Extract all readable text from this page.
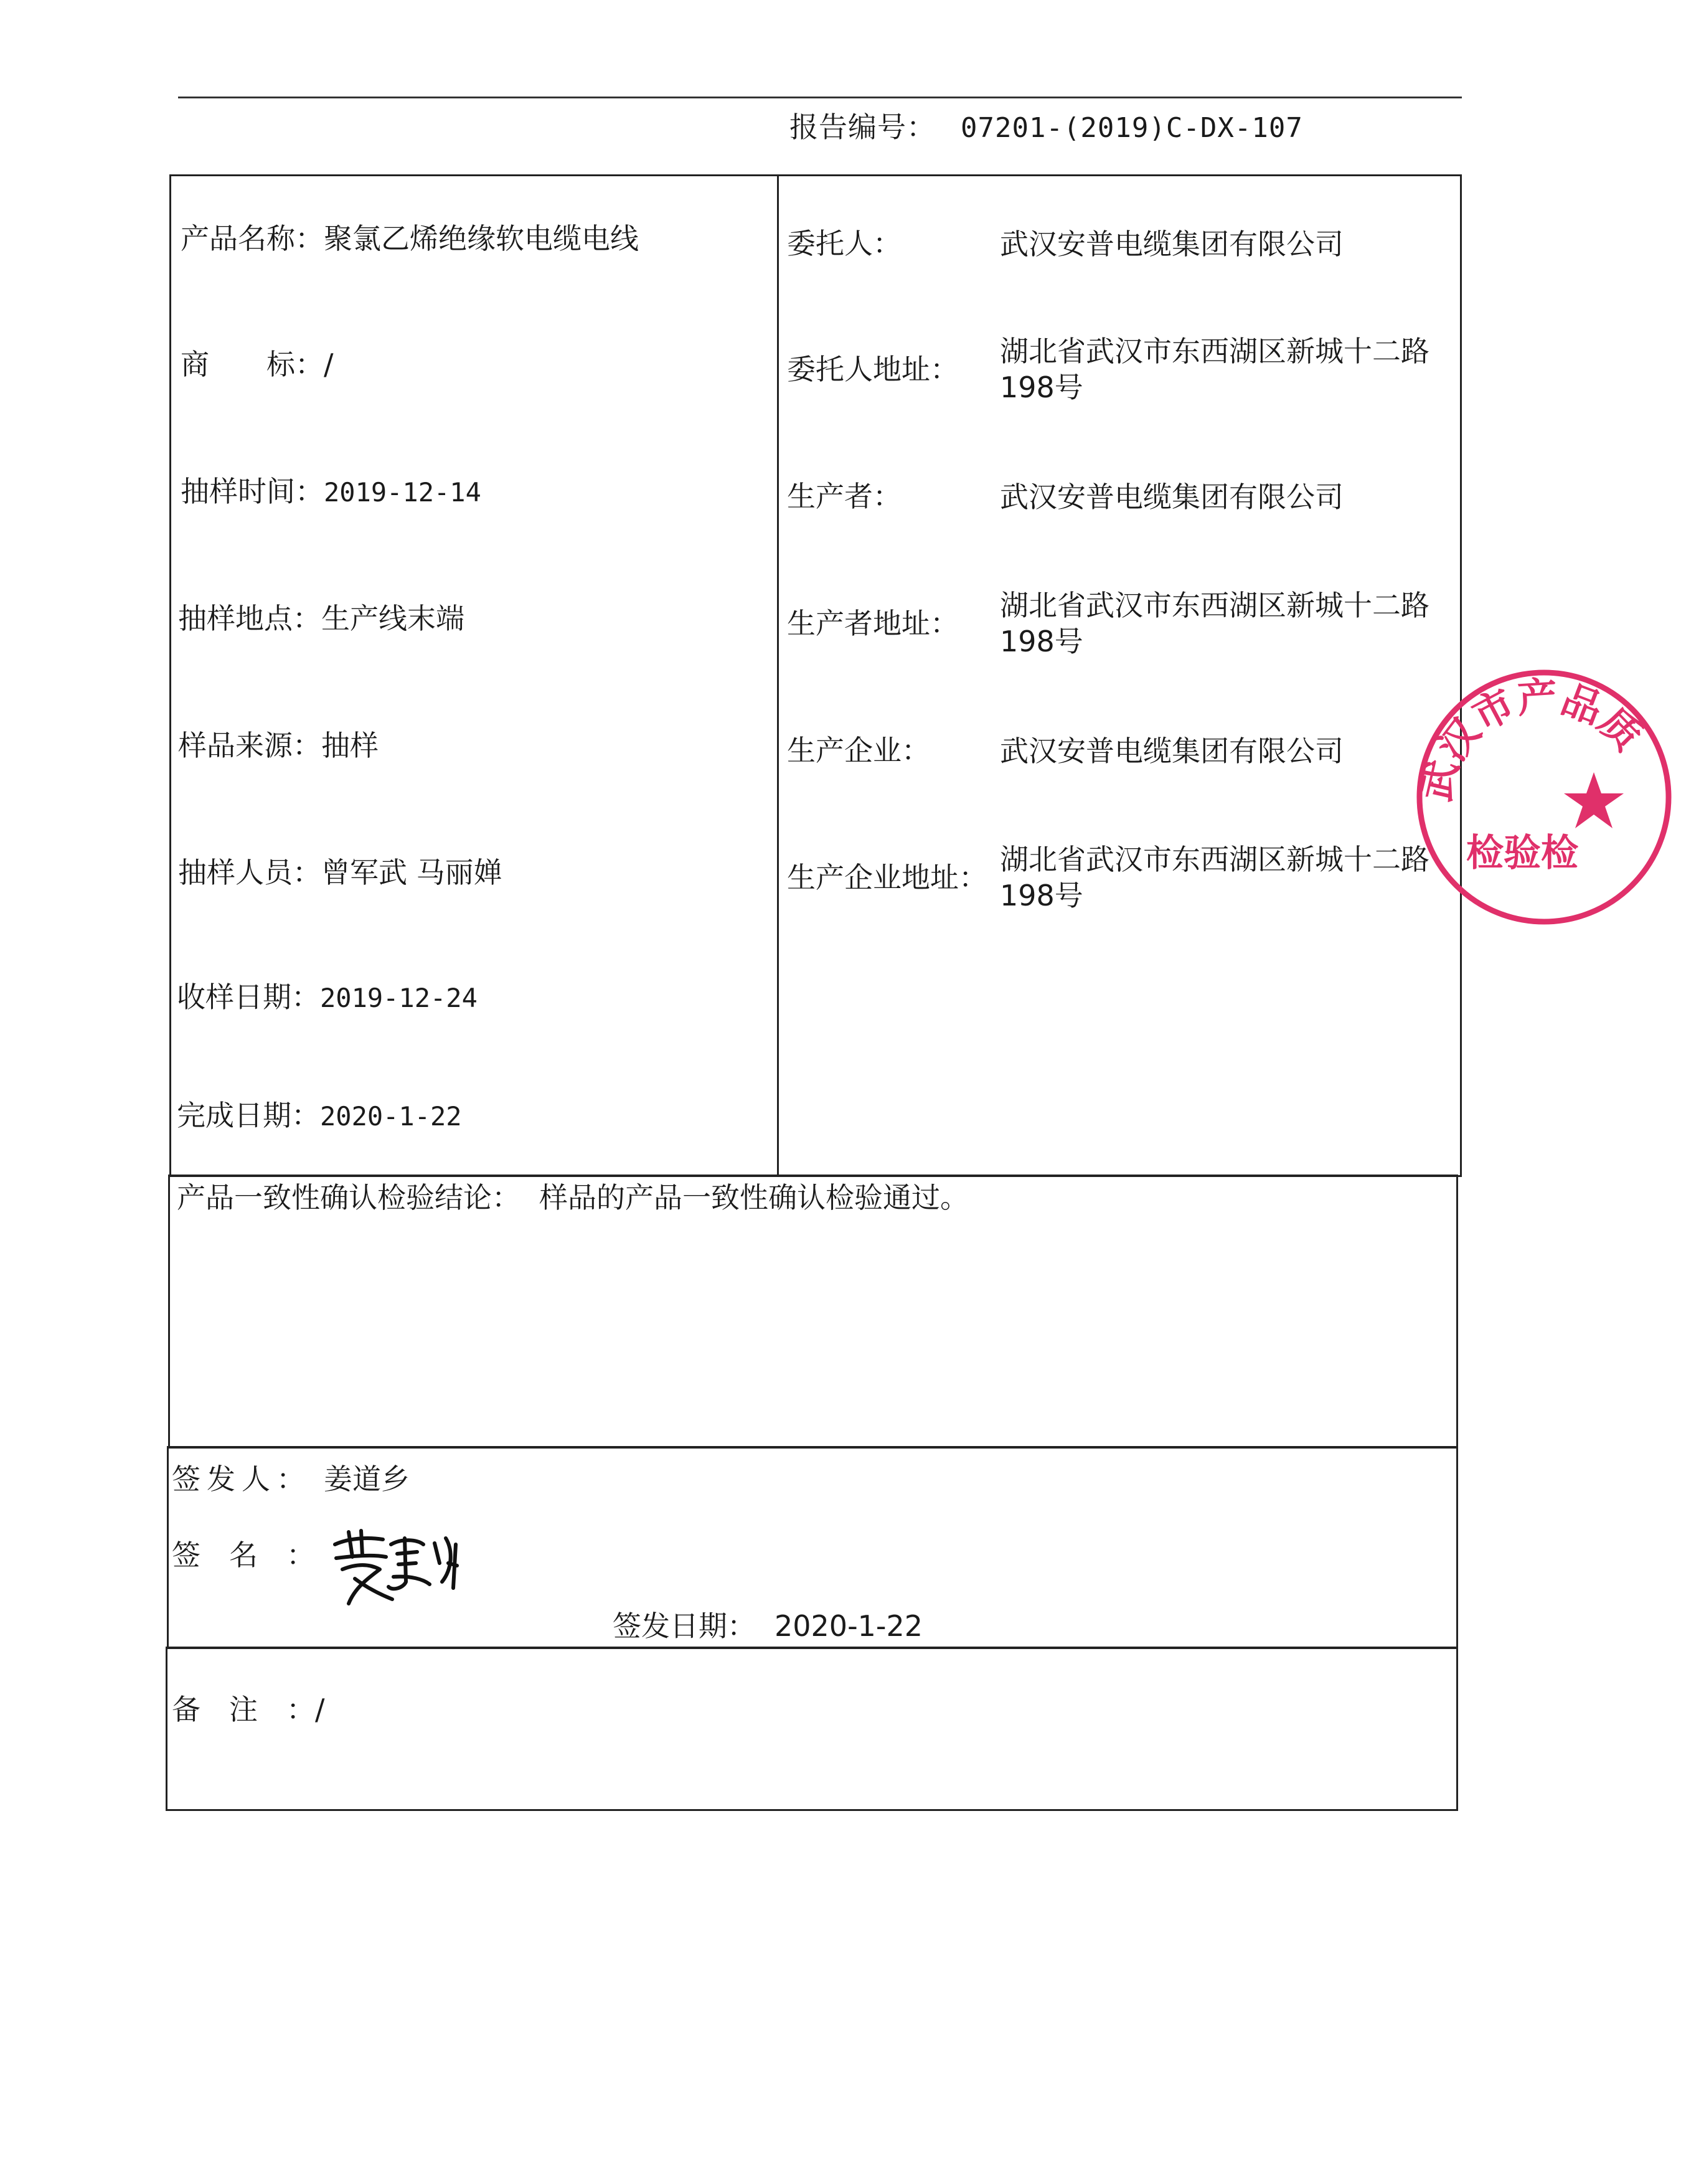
报告编号： 07201-(2019)C-DX-107
产品名称：聚氯乙烯绝缘软电缆电线
商　　标：/
抽样时间：2019-12-14
抽样地点：生产线末端
样品来源：抽样
抽样人员：曾军武 马丽婵
收样日期：2019-12-24
完成日期：2020-1-22
委托人：	武汉安普电缆集团有限公司
委托人地址：
湖北省武汉市东西湖区新城十二路198号
生产者：	武汉安普电缆集团有限公司
生产者地址：
湖北省武汉市东西湖区新城十二路198号
生产企业： 武汉安普电缆集团有限公司
生产企业地址：
湖北省武汉市东西湖区新城十二路198号
产品一致性确认检验结论： 样品的产品一致性确认检验通过。
签发人： 姜道乡
签　名　：
签发日期： 2020-1-22
备　注　：/
武汉市产品质
检验检
